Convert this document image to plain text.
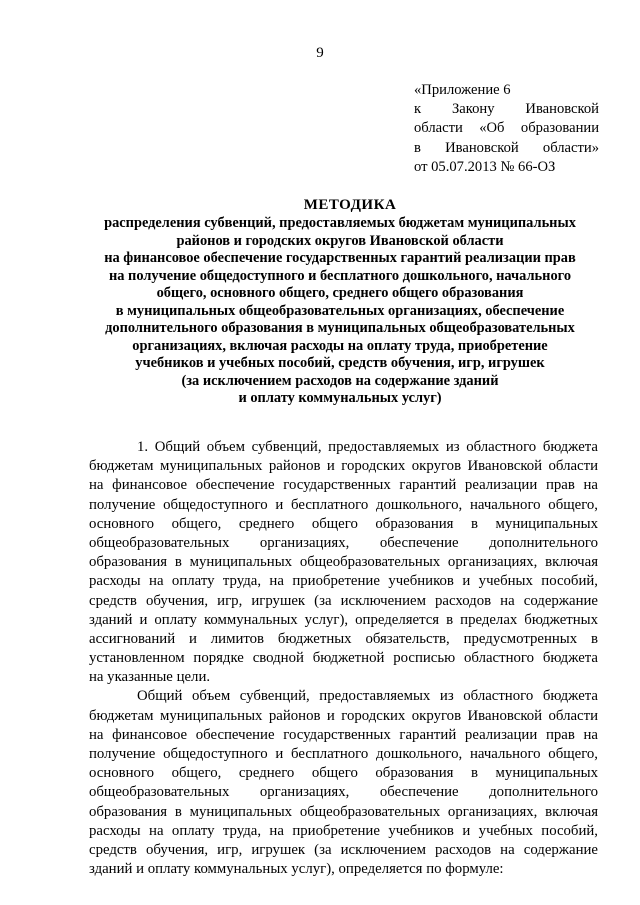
9
«Приложение 6
к Закону Ивановской
области «Об образовании
в Ивановской области»
от 05.07.2013 № 66-ОЗ
МЕТОДИКА
распределения субвенций, предоставляемых бюджетам муниципальных
районов и городских округов Ивановской области
на финансовое обеспечение государственных гарантий реализации прав
на получение общедоступного и бесплатного дошкольного, начального
общего, основного общего, среднего общего образования
в муниципальных общеобразовательных организациях, обеспечение
дополнительного образования в муниципальных общеобразовательных
организациях, включая расходы на оплату труда, приобретение
учебников и учебных пособий, средств обучения, игр, игрушек
(за исключением расходов на содержание зданий
и оплату коммунальных услуг)
1. Общий объем субвенций, предоставляемых из областного бюджета
бюджетам муниципальных районов и городских округов Ивановской области
на финансовое обеспечение государственных гарантий реализации прав на
получение общедоступного и бесплатного дошкольного, начального общего,
основного общего, среднего общего образования в муниципальных
общеобразовательных организациях, обеспечение дополнительного
образования в муниципальных общеобразовательных организациях, включая
расходы на оплату труда, на приобретение учебников и учебных пособий,
средств обучения, игр, игрушек (за исключением расходов на содержание
зданий и оплату коммунальных услуг), определяется в пределах бюджетных
ассигнований и лимитов бюджетных обязательств, предусмотренных в
установленном порядке сводной бюджетной росписью областного бюджета
на указанные цели.
Общий объем субвенций, предоставляемых из областного бюджета
бюджетам муниципальных районов и городских округов Ивановской области
на финансовое обеспечение государственных гарантий реализации прав на
получение общедоступного и бесплатного дошкольного, начального общего,
основного общего, среднего общего образования в муниципальных
общеобразовательных организациях, обеспечение дополнительного
образования в муниципальных общеобразовательных организациях, включая
расходы на оплату труда, на приобретение учебников и учебных пособий,
средств обучения, игр, игрушек (за исключением расходов на содержание
зданий и оплату коммунальных услуг), определяется по формуле:
